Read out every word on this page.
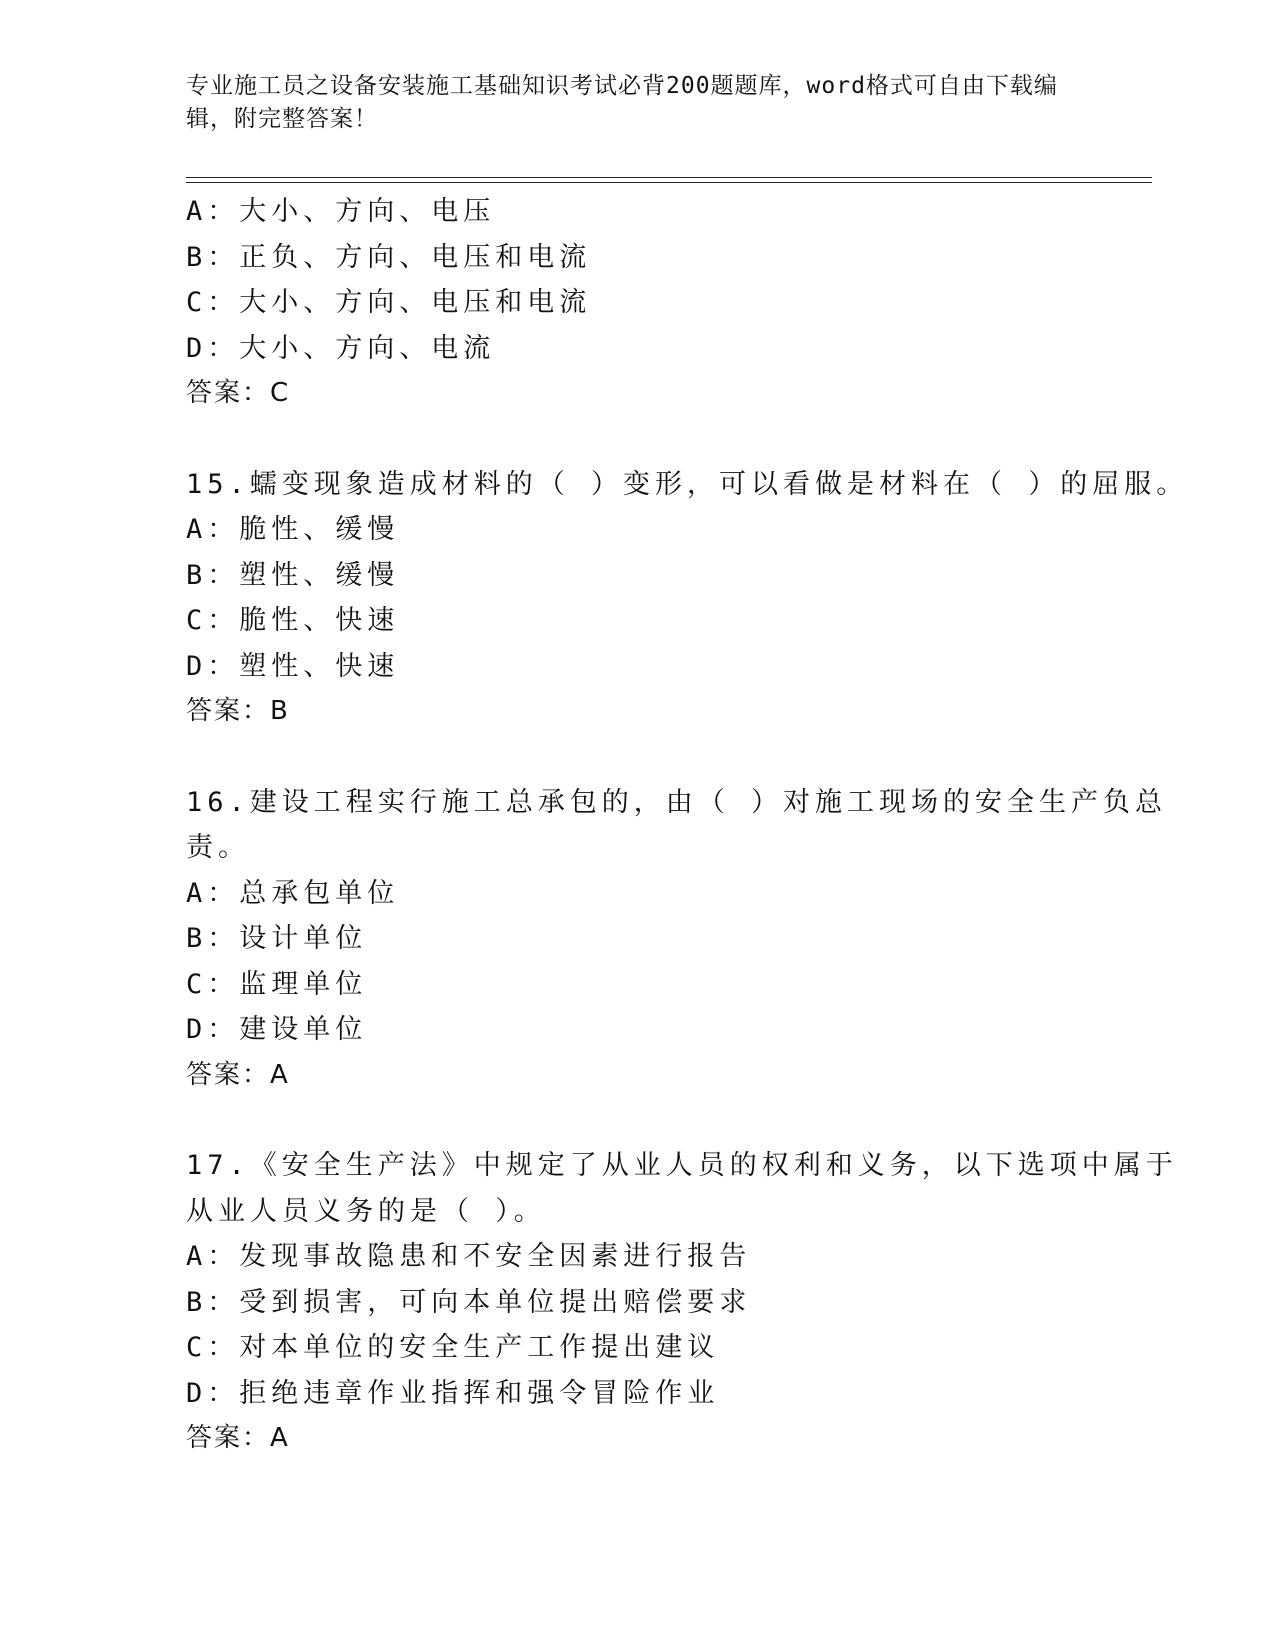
专业施工员之设备安装施工基础知识考试必背200题题库，word格式可自由下载编辑，附完整答案！
A：大小、方向、电压
B：正负、方向、电压和电流
C：大小、方向、电压和电流
D：大小、方向、电流
答案：C
15.蠕变现象造成材料的（ ）变形，可以看做是材料在（ ）的屈服。
A：脆性、缓慢
B：塑性、缓慢
C：脆性、快速
D：塑性、快速
答案：B
16.建设工程实行施工总承包的，由（ ）对施工现场的安全生产负总
责。
A：总承包单位
B：设计单位
C：监理单位
D：建设单位
答案：A
17.《安全生产法》中规定了从业人员的权利和义务，以下选项中属于
从业人员义务的是（ ）。
A：发现事故隐患和不安全因素进行报告
B：受到损害，可向本单位提出赔偿要求
C：对本单位的安全生产工作提出建议
D：拒绝违章作业指挥和强令冒险作业
答案：A
